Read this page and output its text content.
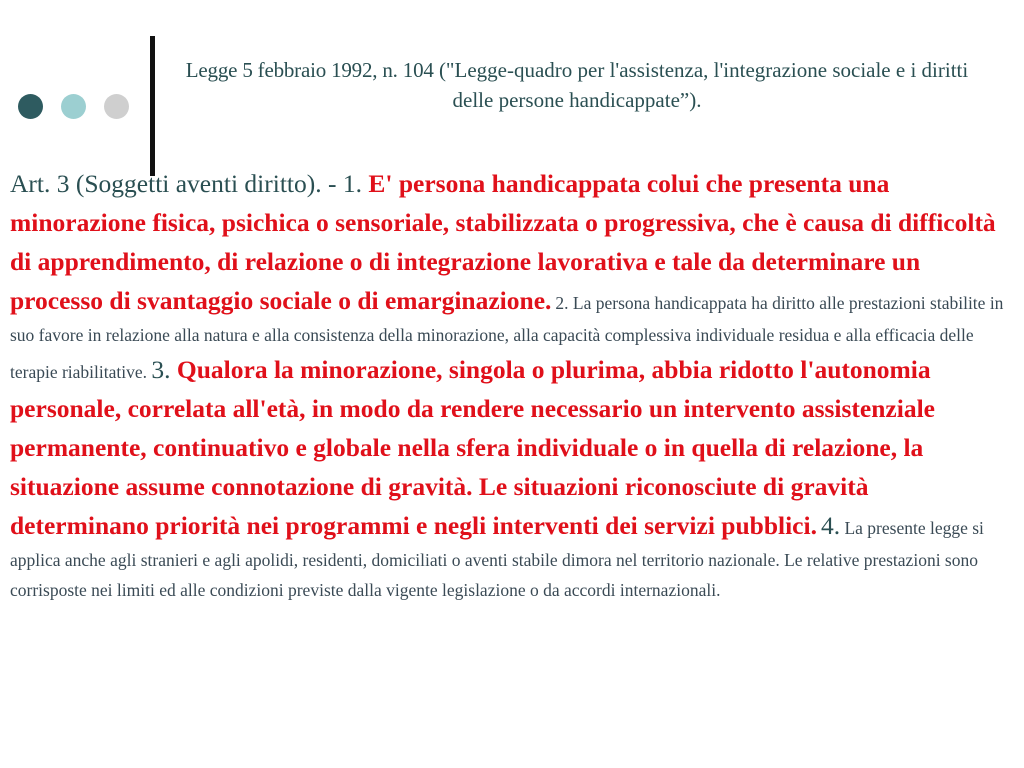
Legge 5 febbraio 1992, n. 104 ("Legge-quadro per l'assistenza, l'integrazione sociale e i diritti delle persone handicappate”).
Art. 3 (Soggetti aventi diritto). - 1. E' persona handicappata colui che presenta una minorazione fisica, psichica o sensoriale, stabilizzata o progressiva, che è causa di difficoltà di apprendimento, di relazione o di integrazione lavorativa e tale da determinare un processo di svantaggio sociale o di emarginazione. 2. La persona handicappata ha diritto alle prestazioni stabilite in suo favore in relazione alla natura e alla consistenza della minorazione, alla capacità complessiva individuale residua e alla efficacia delle terapie riabilitative. 3. Qualora la minorazione, singola o plurima, abbia ridotto l'autonomia personale, correlata all'età, in modo da rendere necessario un intervento assistenziale permanente, continuativo e globale nella sfera individuale o in quella di relazione, la situazione assume connotazione di gravità. Le situazioni riconosciute di gravità determinano priorità nei programmi e negli interventi dei servizi pubblici. 4. La presente legge si applica anche agli stranieri e agli apolidi, residenti, domiciliati o aventi stabile dimora nel territorio nazionale. Le relative prestazioni sono corrisposte nei limiti ed alle condizioni previste dalla vigente legislazione o da accordi internazionali.
